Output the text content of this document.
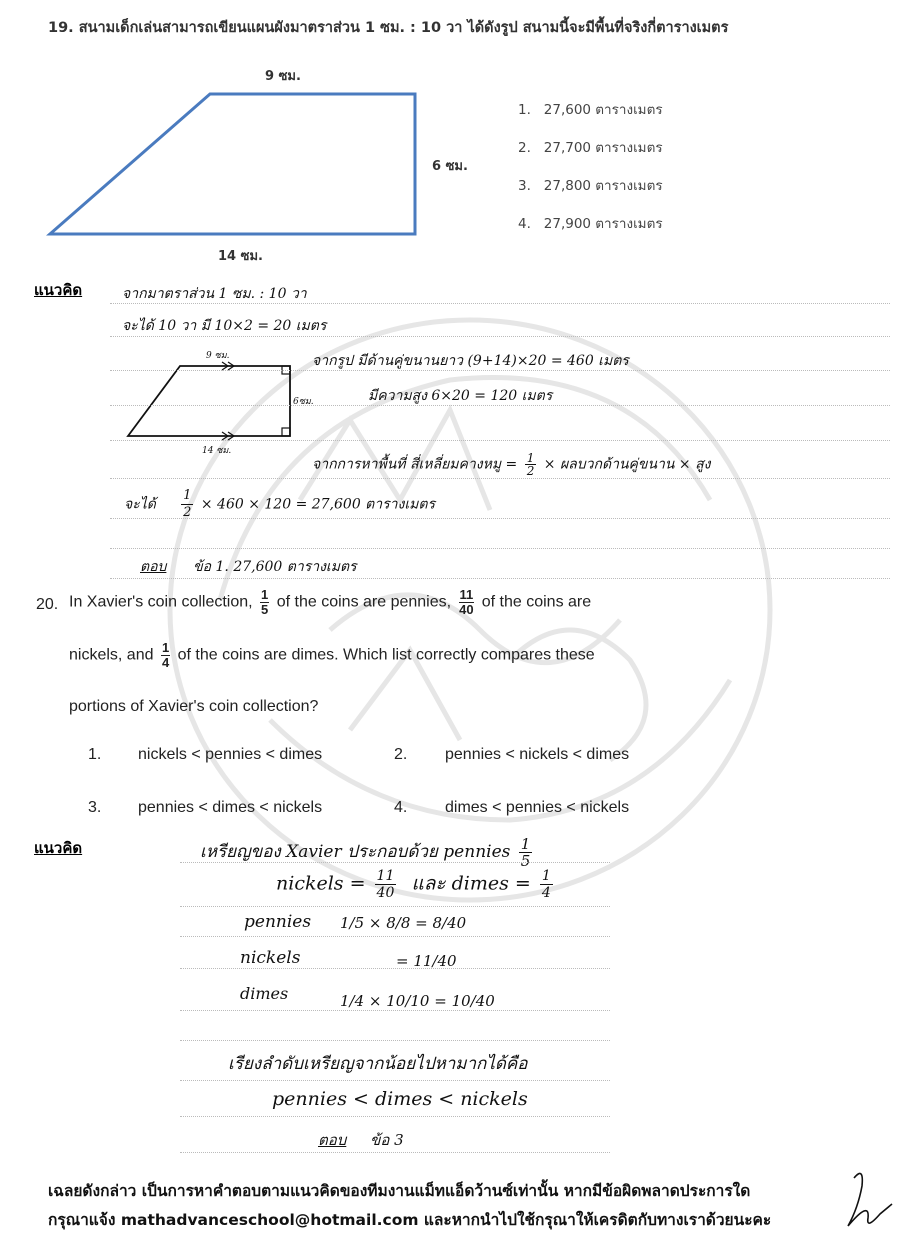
19. สนามเด็กเล่นสามารถเขียนแผนผังมาตราส่วน 1 ซม. : 10 วา ได้ดังรูป สนามนี้จะมีพื้นที่จริงกี่ตารางเมตร
9 ซม.
6 ซม.
14 ซม.
1.   27,600 ตารางเมตร
2.   27,700 ตารางเมตร
3.   27,800 ตารางเมตร
4.   27,900 ตารางเมตร
แนวคิด	จากมาตราส่วน 1 ซม. : 10 วา
จะได้ 10 วา มี 10×2 = 20 เมตร
9 ซม.
6ซม.
14 ซม.
จากรูป มีด้านคู่ขนานยาว (9+14)×20 = 460 เมตร
มีความสูง 6×20 = 120 เมตร
จากการหาพื้นที่ สี่เหลี่ยมคางหมู = $\frac{1}{2}$ × ผลบวกด้านคู่ขนาน × สูง
จะได้ $\frac{1}{2} \times 460 \times 120 = 27,600$ ตารางเมตร
ตอบ ข้อ 1. 27,600 ตารางเมตร
20. In Xavier's coin collection, $\frac{1}{5}$ of the coins are pennies, $\frac{11}{40}$ of the coins are
nickels, and $\frac{1}{4}$ of the coins are dimes. Which list correctly compares these
portions of Xavier's coin collection?
1. nickels < pennies < dimes	2. pennies < nickels < dimes
3. pennies < dimes < nickels	4. dimes < pennies < nickels
แนวคิด	เหรียญของ Xavier ประกอบด้วย pennies $\frac{1}{5}$
nickels = $\frac{11}{40}$ และ dimes = $\frac{1}{4}$
pennies 1/5 × 8/8 = 8/40
nickels	= 11/40
dimes	1/4 × 10/10 = 10/40
เรียงลำดับเหรียญจากน้อยไปหามากได้คือ
pennies < dimes < nickels
ตอบ ข้อ 3
เฉลยดังกล่าว เป็นการหาคำตอบตามแนวคิดของทีมงานแม็ทแอ็ดว้านซ์เท่านั้น หากมีข้อผิดพลาดประการใด
กรุณาแจ้ง mathadvanceschool@hotmail.com และหากนำไปใช้กรุณาให้เครดิตกับทางเราด้วยนะคะ
